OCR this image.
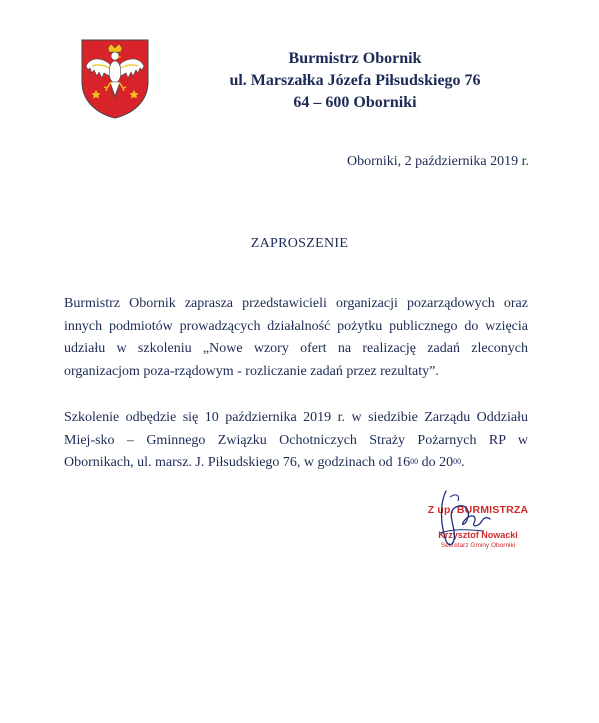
Burmistrz Obornik
ul. Marszałka Józefa Piłsudskiego 76
64 – 600 Oborniki
Oborniki, 2 października 2019 r.
ZAPROSZENIE
Burmistrz Obornik zaprasza przedstawicieli organizacji pozarządowych oraz innych podmiotów prowadzących działalność pożytku publicznego do wzięcia udziału w szkoleniu „Nowe wzory ofert na realizację zadań zleconych organizacjom poza-rządowym - rozliczanie zadań przez rezultaty”.
Szkolenie odbędzie się 10 października 2019 r. w siedzibie Zarządu Oddziału Miej-sko – Gminnego Związku Ochotniczych Straży Pożarnych RP w Obornikach, ul. marsz. J. Piłsudskiego 76, w godzinach od $16^{00}$ do $20^{00}$.
Z up. BURMISTRZA
Krzysztof Nowacki
Sekretarz Gminy Oborniki
